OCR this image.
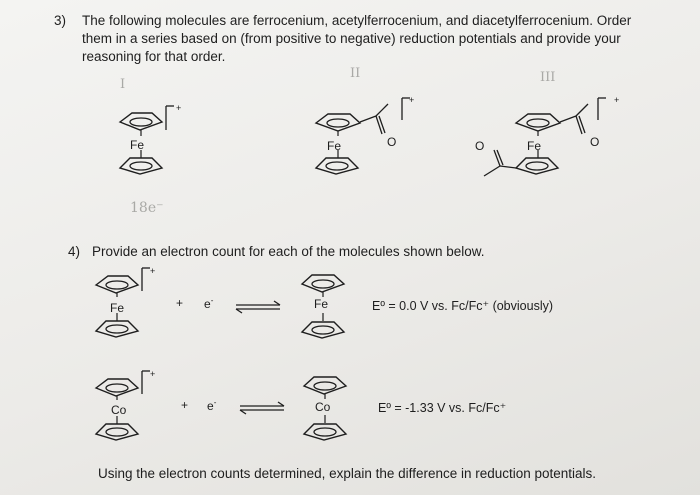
3) The following molecules are ferrocenium, acetylferrocenium, and diacetylferrocenium. Order them in a series based on (from positive to negative) reduction potentials and provide your reasoning for that order.
I
II	III
18e⁻
+
Fe
+
Fe	O
+
Fe	O
O
4) Provide an electron count for each of the molecules shown below.
+
Fe	+ e-	Fe	Eº = 0.0 V vs. Fc/Fc⁺ (obviously)
+
Co	+ e-	Co	Eº = -1.33 V vs. Fc/Fc⁺
Using the electron counts determined, explain the difference in reduction potentials.
